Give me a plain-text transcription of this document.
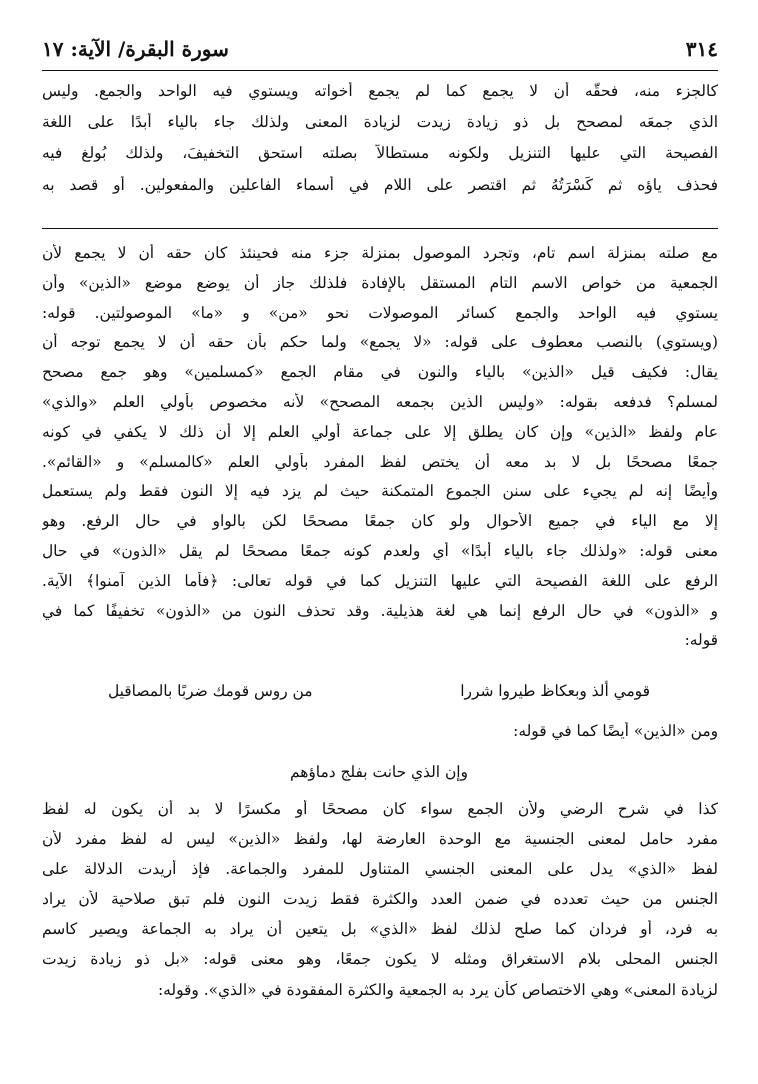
٣١٤
سورة البقرة/ الآية: ١٧
كالجزء منه، فحقّه أن لا يجمع كما لم يجمع أخواته ويستوي فيه الواحد والجمع. وليس
الذي جمعَه لمصحح بل ذو زيادة زيدت لزيادة المعنى ولذلك جاء بالياء أبدًا على اللغة
الفصيحة التي عليها التنزيل ولكونه مستطالاً بصلته استحق التخفيفَ، ولذلك بُولغ فيه
فحذف ياؤه ثم كَسْرَتُهُ ثم اقتصر على اللام في أسماء الفاعلين والمفعولين. أو قصد به
مع صلته بمنزلة اسم تام، وتجرد الموصول بمنزلة جزء منه فحينئذ كان حقه أن لا يجمع لأن
الجمعية من خواص الاسم التام المستقل بالإفادة فلذلك جاز أن يوضع موضع «الذين» وأن
يستوي فيه الواحد والجمع كسائر الموصولات نحو «من» و «ما» الموصولتين. قوله:
(ويستوي) بالنصب معطوف على قوله: «لا يجمع» ولما حكم بأن حقه أن لا يجمع توجه أن
يقال: فكيف قيل «الذين» بالياء والنون في مقام الجمع «كمسلمين» وهو جمع مصحح
لمسلم؟ فدفعه بقوله: «وليس الذين بجمعه المصحح» لأنه مخصوص بأولي العلم «والذي»
عام ولفظ «الذين» وإن كان يطلق إلا على جماعة أولي العلم إلا أن ذلك لا يكفي في كونه
جمعًا مصححًا بل لا بد معه أن يختص لفظ المفرد بأولي العلم «كالمسلم» و «القائم».
وأيضًا إنه لم يجيء على سنن الجموع المتمكنة حيث لم يزد فيه إلا النون فقط ولم يستعمل
إلا مع الياء في جميع الأحوال ولو كان جمعًا مصححًا لكن بالواو في حال الرفع. وهو
معنى قوله: «ولذلك جاء بالياء أبدًا» أي ولعدم كونه جمعًا مصححًا لم يقل «الذون» في حال
الرفع على اللغة الفصيحة التي عليها التنزيل كما في قوله تعالى: ﴿فأما الذين آمنوا﴾ الآية.
و «الذون» في حال الرفع إنما هي لغة هذيلية. وقد تحذف النون من «الذون» تخفيفًا كما في
قوله:
قومي ألذ وبعكاظ طيروا شررا
من روس قومك ضربًا بالمصاقيل
ومن «الذين» أيضًا كما في قوله:
وإن الذي حانت بفلج دماؤهم
كذا في شرح الرضي ولأن الجمع سواء كان مصححًا أو مكسرًا لا بد أن يكون له لفظ
مفرد حامل لمعنى الجنسية مع الوحدة العارضة لها، ولفظ «الذين» ليس له لفظ مفرد لأن
لفظ «الذي» يدل على المعنى الجنسي المتناول للمفرد والجماعة. فإذ أريدت الدلالة على
الجنس من حيث تعدده في ضمن العدد والكثرة فقط زيدت النون فلم تبق صلاحية لأن يراد
به فرد، أو فردان كما صلح لذلك لفظ «الذي» بل يتعين أن يراد به الجماعة ويصير كاسم
الجنس المحلى بلام الاستغراق ومثله لا يكون جمعًا، وهو معنى قوله: «بل ذو زيادة زيدت
لزيادة المعنى» وهي الاختصاص كأن يرد به الجمعية والكثرة المفقودة في «الذي». وقوله:
